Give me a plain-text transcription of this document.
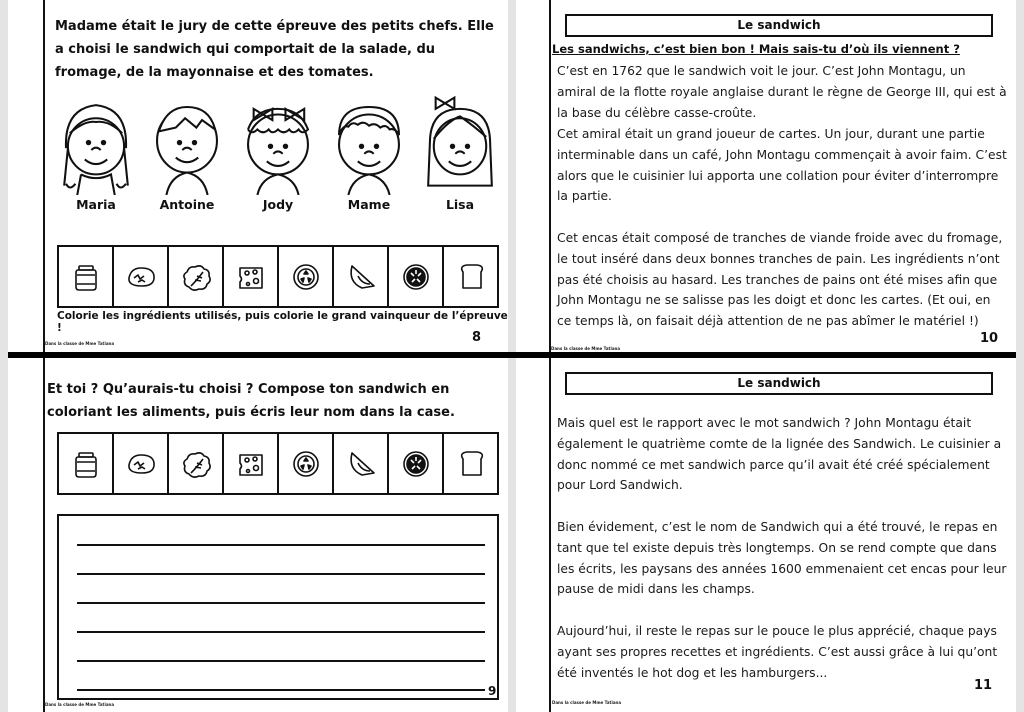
Madame était le jury de cette épreuve des petits chefs. Elle a choisi le sandwich qui comportait de la salade, du fromage, de la mayonnaise et des tomates.

Maria	Antoine	Jody	Mame	Lisa

Colorie les ingrédients utilisés, puis colorie le grand vainqueur de l’épreuve !

Dans la classe de Mme Tatiana	8
Le sandwich

Les sandwichs, c’est bien bon ! Mais sais-tu d’où ils viennent ?

C’est en 1762 que le sandwich voit le jour. C’est John Montagu, un amiral de la flotte royale anglaise durant le règne de George III, qui est à la base du célèbre casse-croûte.

Cet amiral était un grand joueur de cartes. Un jour, durant une partie interminable dans un café, John Montagu commençait à avoir faim. C’est alors que le cuisinier lui apporta une collation pour éviter d’interrompre la partie.

Cet encas était composé de tranches de viande froide avec du fromage, le tout inséré dans deux bonnes tranches de pain. Les ingrédients n’ont pas été choisis au hasard. Les tranches de pains ont été mises afin que John Montagu ne se salisse pas les doigt et donc les cartes. (Et oui, en ce temps là, on faisait déjà attention de ne pas abîmer le matériel !)

Dans la classe de Mme Tatiana
10

Et toi ? Qu’aurais-tu choisi ? Compose ton sandwich en coloriant les aliments, puis écris leur nom dans la case.

9
Dans la classe de Mme Tatiana
Le sandwich

Mais quel est le rapport avec le mot sandwich ? John Montagu était également le quatrième comte de la lignée des Sandwich. Le cuisinier a donc nommé ce met sandwich parce qu’il avait été créé spécialement pour Lord Sandwich.

Bien évidement, c’est le nom de Sandwich qui a été trouvé, le repas en tant que tel existe depuis très longtemps. On se rend compte que dans les écrits, les paysans des années 1600 emmenaient cet encas pour leur pause de midi dans les champs.

Aujourd’hui, il reste le repas sur le pouce le plus apprécié, chaque pays ayant ses propres recettes et ingrédients. C’est aussi grâce à lui qu’ont été inventés le hot dog et les hamburgers...

11
Dans la classe de Mme Tatiana
